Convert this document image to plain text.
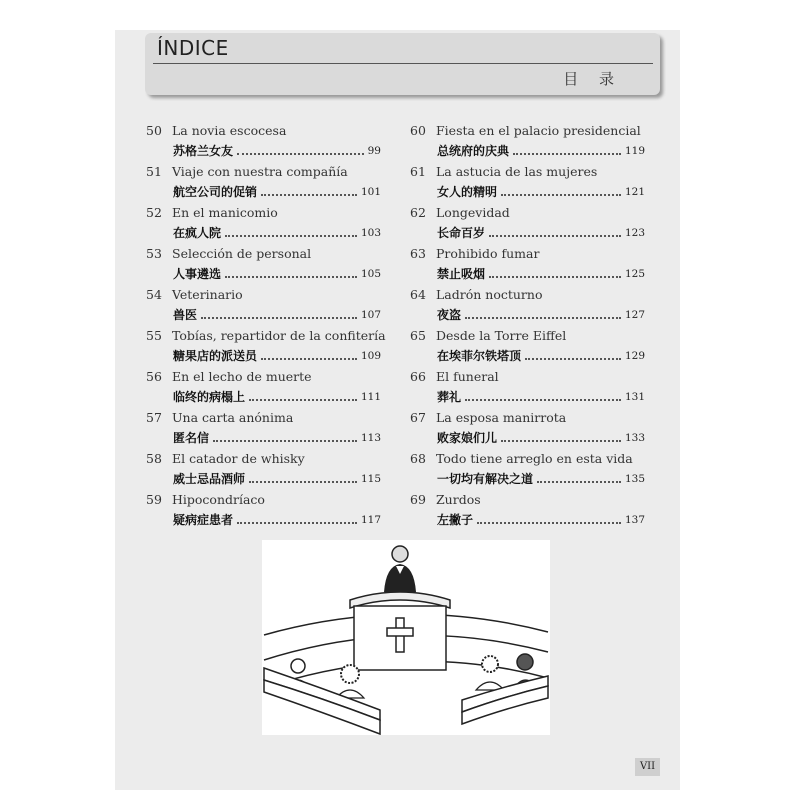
ÍNDICE
目 录
50 La novia escocesa
苏格兰女友	99
51 Viaje con nuestra compañía
航空公司的促销	101
52 En el manicomio
在疯人院	103
53 Selección de personal
人事遴选	105
54 Veterinario
兽医	107
55 Tobías, repartidor de la confitería
糖果店的派送员	109
56 En el lecho de muerte
临终的病榻上	111
57 Una carta anónima
匿名信	113
58 El catador de whisky
威士忌品酒师	115
59 Hipocondríaco
疑病症患者	117
60 Fiesta en el palacio presidencial
总统府的庆典	119
61 La astucia de las mujeres
女人的精明	121
62 Longevidad
长命百岁	123
63 Prohibido fumar
禁止吸烟	125
64 Ladrón nocturno
夜盗	127
65 Desde la Torre Eiffel
在埃菲尔铁塔顶	129
66 El funeral
葬礼	131
67 La esposa manirrota
败家娘们儿	133
68 Todo tiene arreglo en esta vida
一切均有解决之道	135
69 Zurdos
左撇子	137
VII
